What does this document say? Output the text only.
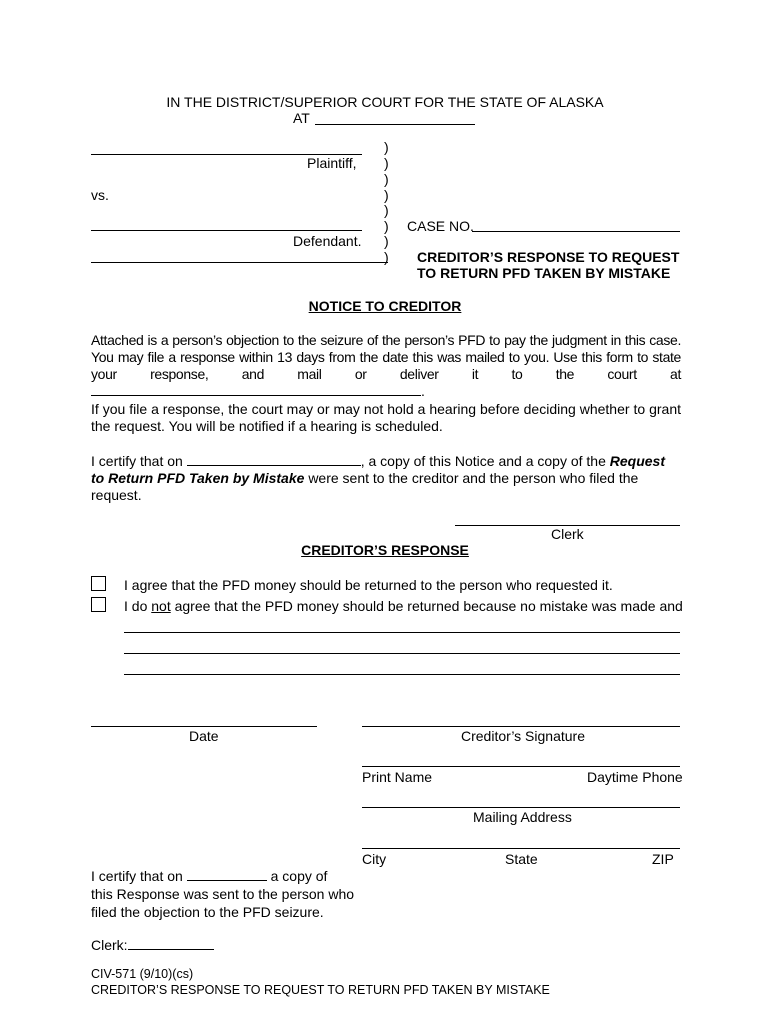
IN THE DISTRICT/SUPERIOR COURT FOR THE STATE OF ALASKA
AT
Plaintiff,
vs.
Defendant.
)
)
)
)
)
)
)
)
CASE NO.
CREDITOR’S RESPONSE TO REQUEST
TO RETURN PFD TAKEN BY MISTAKE
NOTICE TO CREDITOR
Attached is a person’s objection to the seizure of the person’s PFD to pay the judgment in this case. You may file a response within 13 days from the date this was mailed to you. Use this form to state your response, and mail or deliver it to the court at .
If you file a response, the court may or may not hold a hearing before deciding whether to grant the request. You will be notified if a hearing is scheduled.
I certify that on	, a copy of this Notice and a copy of the Request to Return PFD Taken by Mistake were sent to the creditor and the person who filed the request.
Clerk
CREDITOR’S RESPONSE
I agree that the PFD money should be returned to the person who requested it.
I do not agree that the PFD money should be returned because no mistake was made and
Date	Creditor’s Signature
Print Name	Daytime Phone
Mailing Address
City	State	ZIP
I certify that on	a copy of
this Response was sent to the person who
filed the objection to the PFD seizure.
Clerk:
CIV-571 (9/10)(cs)
CREDITOR’S RESPONSE TO REQUEST TO RETURN PFD TAKEN BY MISTAKE
